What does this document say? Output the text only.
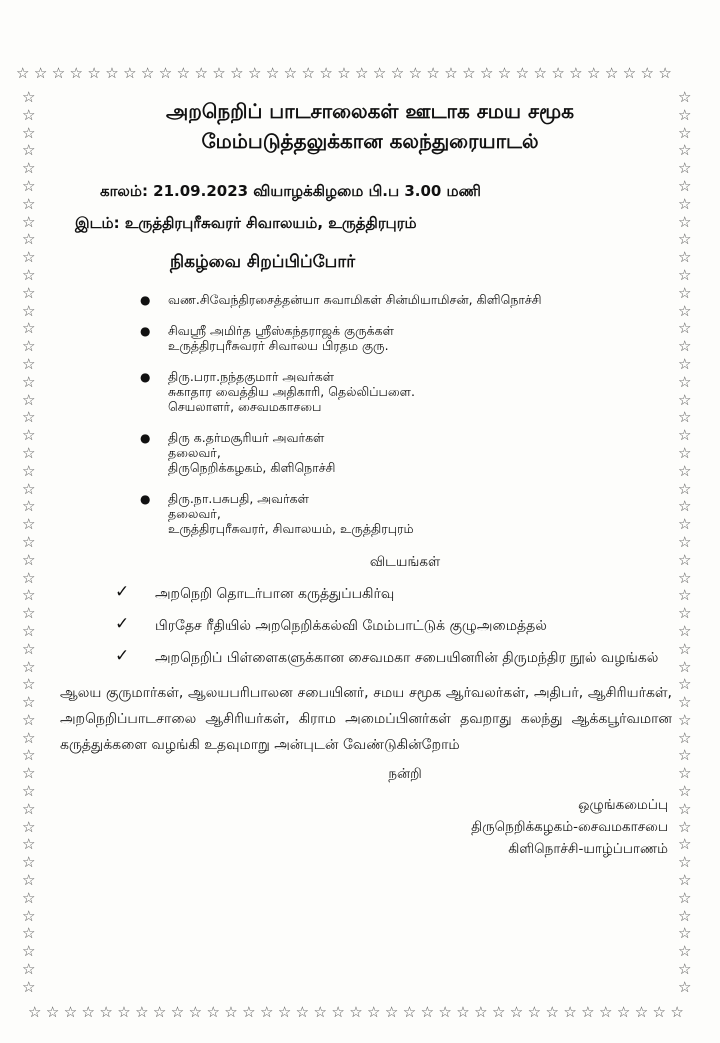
☆ ☆ ☆ ☆ ☆ ☆ ☆ ☆ ☆ ☆ ☆ ☆ ☆ ☆ ☆ ☆ ☆ ☆ ☆ ☆ ☆ ☆ ☆ ☆ ☆ ☆ ☆ ☆ ☆ ☆ ☆ ☆ ☆ ☆ ☆ ☆ ☆
☆ ☆ ☆ ☆ ☆ ☆ ☆ ☆ ☆ ☆ ☆ ☆ ☆ ☆ ☆ ☆ ☆ ☆ ☆ ☆ ☆ ☆ ☆ ☆ ☆ ☆ ☆ ☆ ☆ ☆ ☆ ☆ ☆ ☆ ☆ ☆ ☆
☆
☆
☆
☆
☆
☆
☆
☆
☆
☆
☆
☆
☆
☆
☆
☆
☆
☆
☆
☆
☆
☆
☆
☆
☆
☆
☆
☆
☆
☆
☆
☆
☆
☆
☆
☆
☆
☆
☆
☆
☆
☆
☆
☆
☆
☆
☆
☆
☆
☆
☆
☆
☆
☆
☆
☆
☆
☆
☆
☆
☆
☆
☆
☆
☆
☆
☆
☆
☆
☆
☆
☆
☆
☆
☆
☆
☆
☆
☆
☆
☆
☆
☆
☆
☆
☆
☆
☆
☆
☆
☆
☆
☆
☆
☆
☆
☆
☆
☆
☆
☆
☆
அறநெறிப் பாடசாலைகள் ஊடாக சமய சமூக
மேம்படுத்தலுக்கான கலந்துரையாடல்
காலம்: 21.09.2023 வியாழக்கிழமை பி.ப 3.00 மணி
இடம்: உருத்திரபுரீசுவரர் சிவாலயம், உருத்திரபுரம்
நிகழ்வை சிறப்பிப்போர்
● வண.சிவேந்திரசைத்தன்யா சுவாமிகள் சின்மியாமிசன், கிளிநொச்சி
● சிவஸ்ரீ அமிர்த ஸ்ரீஸ்கந்தராஜக் குருக்கள்
உருத்திரபுரீசுவரர் சிவாலய பிரதம குரு.
● திரு.பரா.நந்தகுமார் அவர்கள்
சுகாதார வைத்திய அதிகாரி, தெல்லிப்பளை.
செயலாளர், சைவமகாசபை
● திரு க.தர்மசூரியர் அவர்கள்
தலைவர்,
திருநெறிக்கழகம், கிளிநொச்சி
● திரு.நா.பசுபதி, அவர்கள்
தலைவர்,
உருத்திரபுரீசுவரர், சிவாலயம், உருத்திரபுரம்
விடயங்கள்
✓ அறநெறி தொடர்பான கருத்துப்பகிர்வு
✓ பிரதேச ரீதியில் அறநெறிக்கல்வி மேம்பாட்டுக் குழுஅமைத்தல்
✓ அறநெறிப் பிள்ளைகளுக்கான சைவமகா சபையினரின் திருமந்திர நூல் வழங்கல்
ஆலய குருமார்கள், ஆலயபரிபாலன சபையினர், சமய சமூக ஆர்வலர்கள், அதிபர், ஆசிரியர்கள், அறநெறிப்பாடசாலை ஆசிரியர்கள், கிராம அமைப்பினர்கள் தவறாது கலந்து ஆக்கபூர்வமான கருத்துக்களை வழங்கி உதவுமாறு அன்புடன் வேண்டுகின்றோம்
நன்றி
ஒழுங்கமைப்பு
திருநெறிக்கழகம்-சைவமகாசபை
கிளிநொச்சி-யாழ்ப்பாணம்
